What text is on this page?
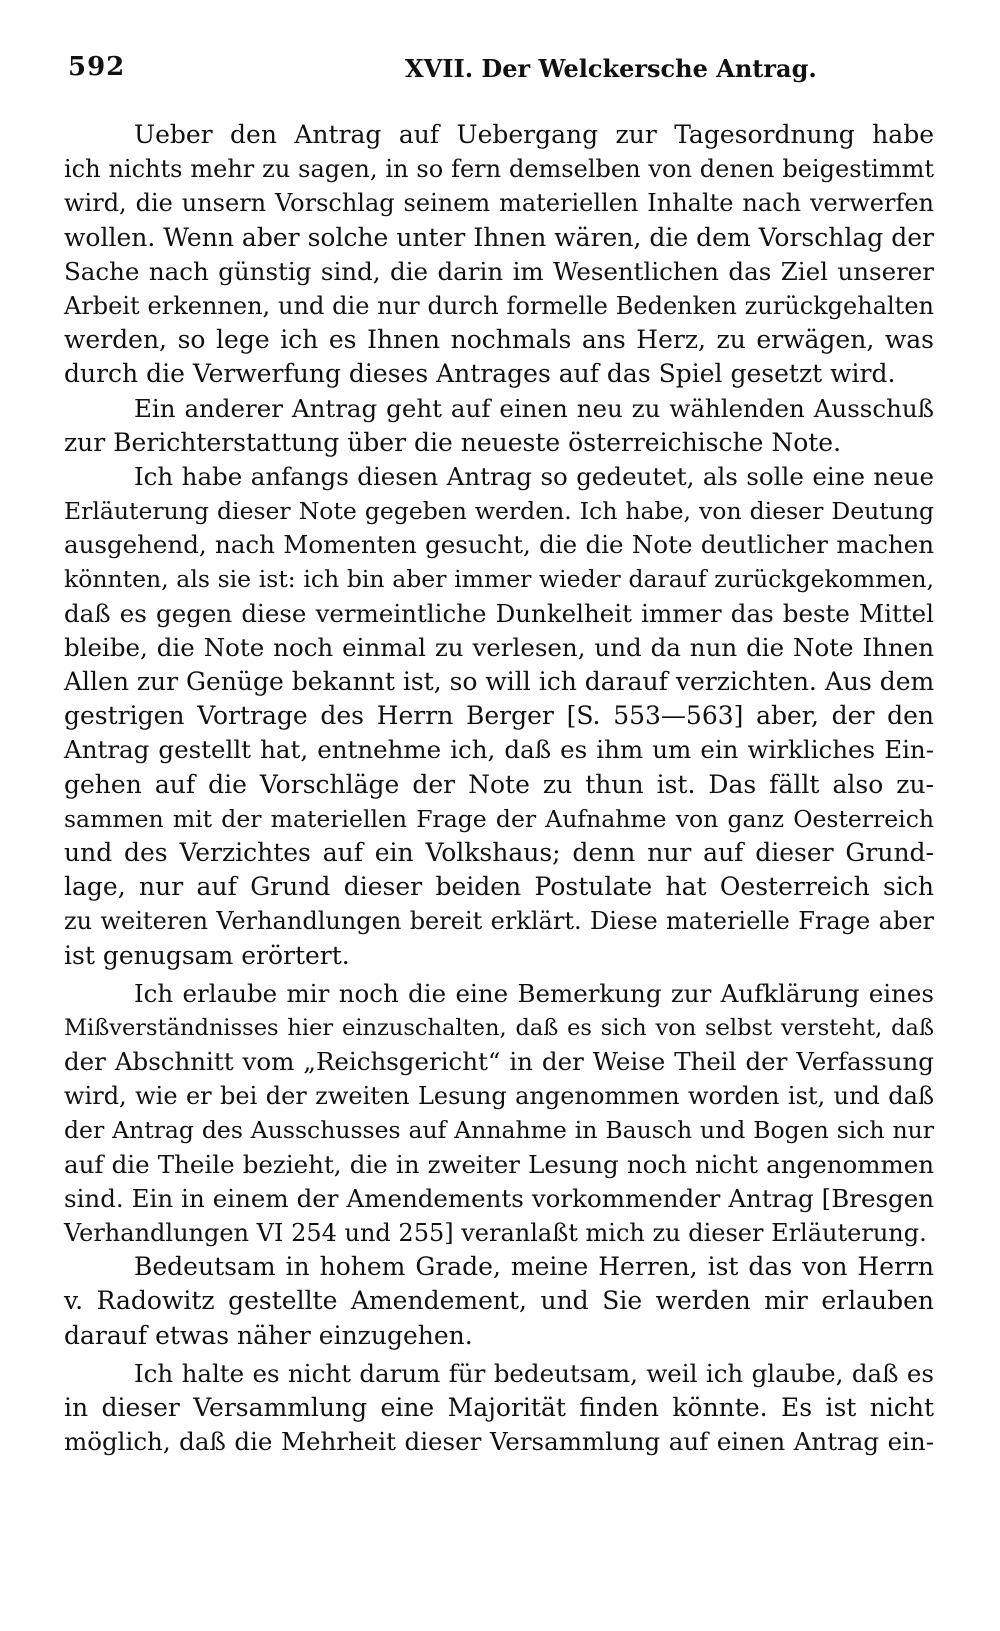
592	XVII. Der Welckersche Antrag.
Ueber den Antrag auf Uebergang zur Tagesordnung habe
ich nichts mehr zu sagen, in so fern demselben von denen beigestimmt
wird, die unsern Vorschlag seinem materiellen Inhalte nach verwerfen
wollen. Wenn aber solche unter Ihnen wären, die dem Vorschlag der
Sache nach günstig sind, die darin im Wesentlichen das Ziel unserer
Arbeit erkennen, und die nur durch formelle Bedenken zurückgehalten
werden, so lege ich es Ihnen nochmals ans Herz, zu erwägen, was
durch die Verwerfung dieses Antrages auf das Spiel gesetzt wird.
Ein anderer Antrag geht auf einen neu zu wählenden Ausschuß
zur Berichterstattung über die neueste österreichische Note.
Ich habe anfangs diesen Antrag so gedeutet, als solle eine neue
Erläuterung dieser Note gegeben werden. Ich habe, von dieser Deutung
ausgehend, nach Momenten gesucht, die die Note deutlicher machen
könnten, als sie ist: ich bin aber immer wieder darauf zurückgekommen,
daß es gegen diese vermeintliche Dunkelheit immer das beste Mittel
bleibe, die Note noch einmal zu verlesen, und da nun die Note Ihnen
Allen zur Genüge bekannt ist, so will ich darauf verzichten. Aus dem
gestrigen Vortrage des Herrn Berger [S. 553—563] aber, der den
Antrag gestellt hat, entnehme ich, daß es ihm um ein wirkliches Ein-
gehen auf die Vorschläge der Note zu thun ist. Das fällt also zu-
sammen mit der materiellen Frage der Aufnahme von ganz Oesterreich
und des Verzichtes auf ein Volkshaus; denn nur auf dieser Grund-
lage, nur auf Grund dieser beiden Postulate hat Oesterreich sich
zu weiteren Verhandlungen bereit erklärt. Diese materielle Frage aber
ist genugsam erörtert.
Ich erlaube mir noch die eine Bemerkung zur Aufklärung eines
Mißverständnisses hier einzuschalten, daß es sich von selbst versteht, daß
der Abschnitt vom „Reichsgericht“ in der Weise Theil der Verfassung
wird, wie er bei der zweiten Lesung angenommen worden ist, und daß
der Antrag des Ausschusses auf Annahme in Bausch und Bogen sich nur
auf die Theile bezieht, die in zweiter Lesung noch nicht angenommen
sind. Ein in einem der Amendements vorkommender Antrag [Bresgen
Verhandlungen VI 254 und 255] veranlaßt mich zu dieser Erläuterung.
Bedeutsam in hohem Grade, meine Herren, ist das von Herrn
v. Radowitz gestellte Amendement, und Sie werden mir erlauben
darauf etwas näher einzugehen.
Ich halte es nicht darum für bedeutsam, weil ich glaube, daß es
in dieser Versammlung eine Majorität finden könnte. Es ist nicht
möglich, daß die Mehrheit dieser Versammlung auf einen Antrag ein-
